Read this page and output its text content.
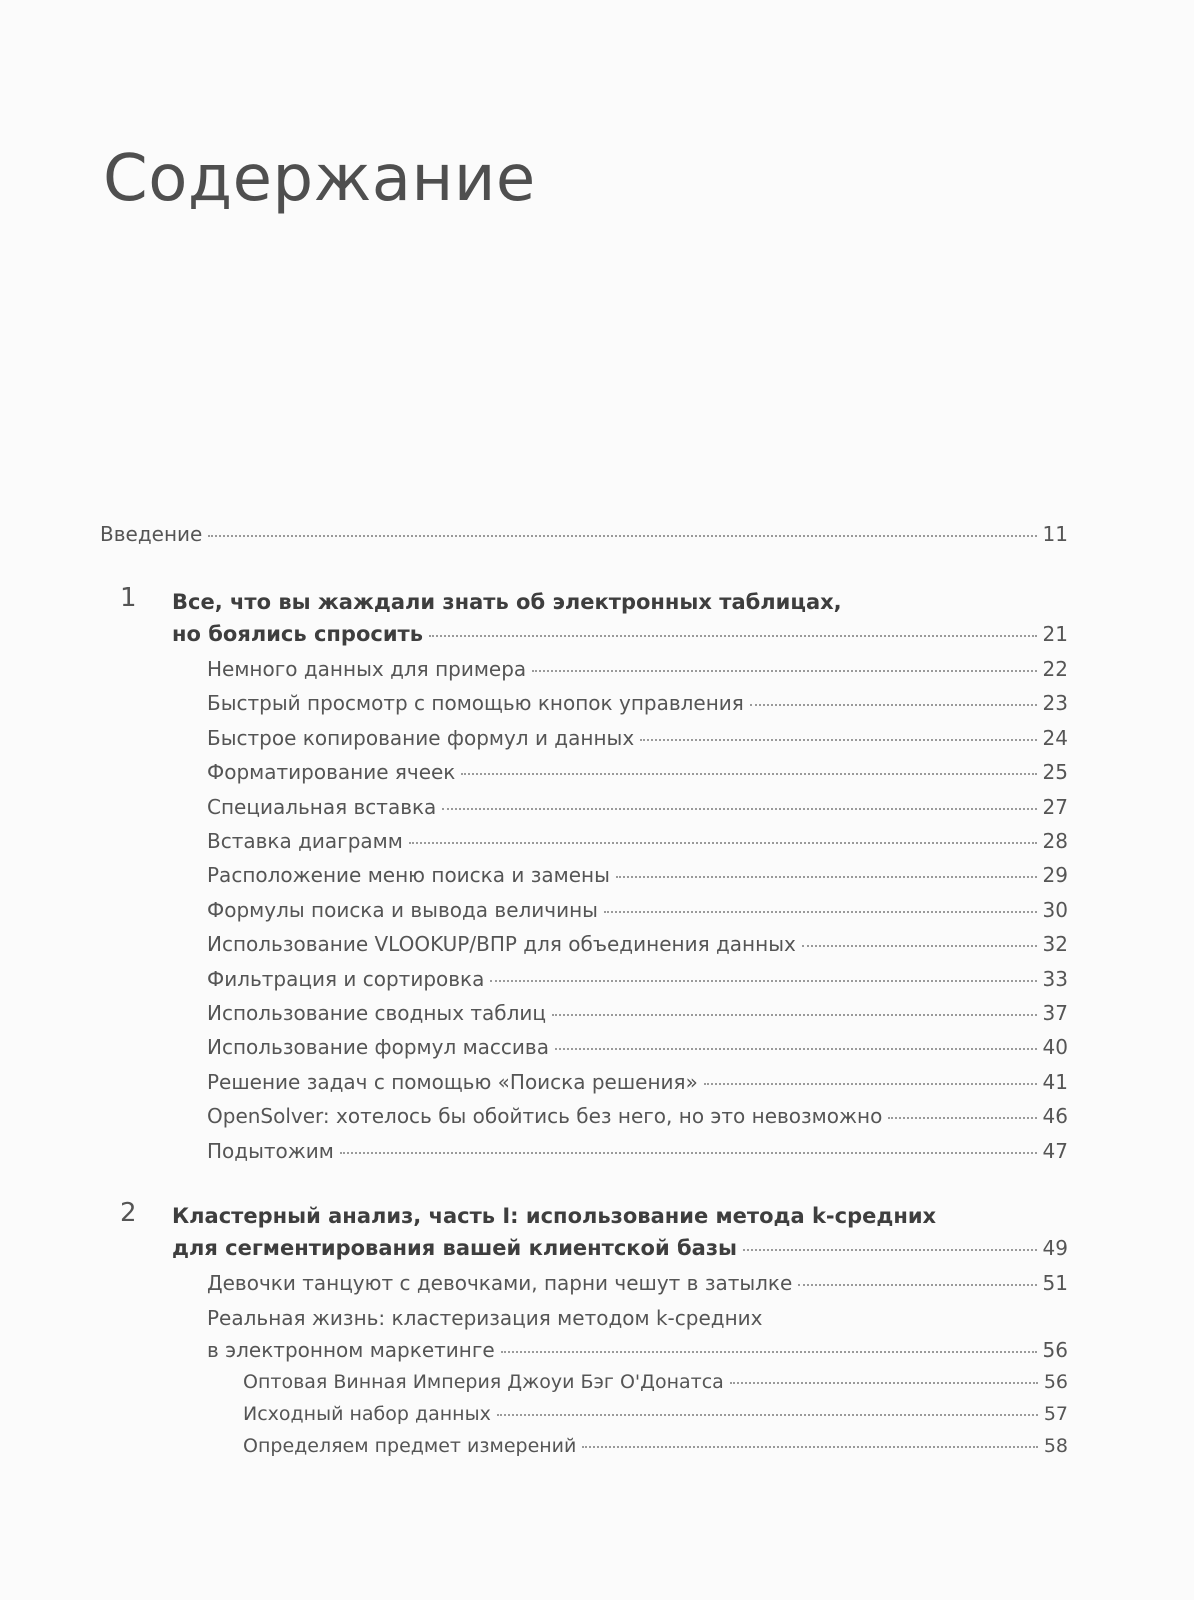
Содержание
Введение	11
1 Все, что вы жаждали знать об электронных таблицах,
но боялись спросить	21
Немного данных для примера	22
Быстрый просмотр с помощью кнопок управления	23
Быстрое копирование формул и данных	24
Форматирование ячеек	25
Специальная вставка	27
Вставка диаграмм	28
Расположение меню поиска и замены	29
Формулы поиска и вывода величины	30
Использование VLOOKUP/ВПР для объединения данных	32
Фильтрация и сортировка	33
Использование сводных таблиц	37
Использование формул массива	40
Решение задач с помощью «Поиска решения»	41
OpenSolver: хотелось бы обойтись без него, но это невозможно	46
Подытожим	47
2 Кластерный анализ, часть I: использование метода k-средних
для сегментирования вашей клиентской базы	49
Девочки танцуют с девочками, парни чешут в затылке	51
Реальная жизнь: кластеризация методом k-средних
в электронном маркетинге	56
Оптовая Винная Империя Джоуи Бэг О'Донатса	56
Исходный набор данных	57
Определяем предмет измерений	58
